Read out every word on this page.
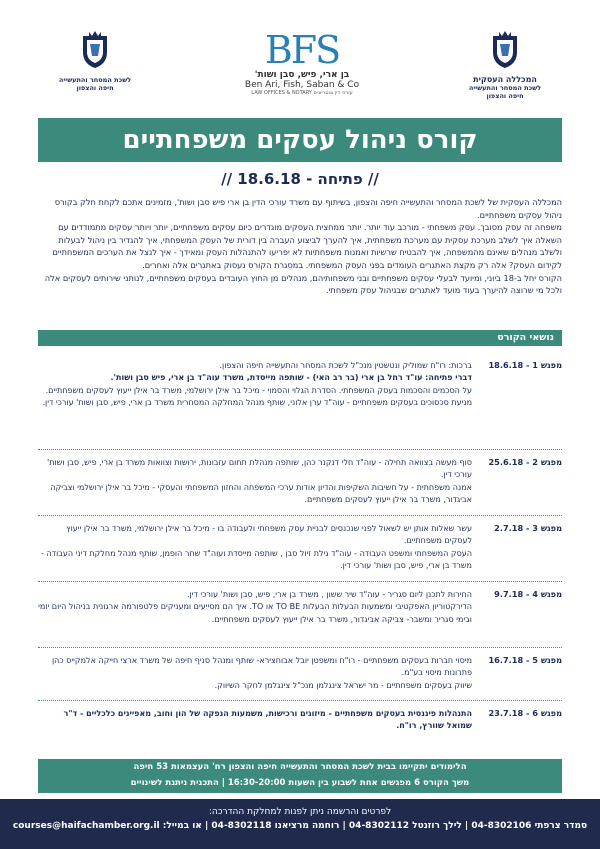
לשכת המסחר והתעשייה
חיפה והצפון
BFS
בן ארי, פיש, סבן ושות'
Ben Ari, Fish, Saban & Co
LAW OFFICES & NOTARY עורכי דין ונוטריונים
המכללה העסקית
לשכת המסחר והתעשייה
חיפה והצפון
קורס ניהול עסקים משפחתיים
// פתיחה - 18.6.18 //

המכללה העסקית של לשכת המסחר והתעשייה חיפה והצפון, בשיתוף עם משרד עורכי הדין בן ארי פיש סבן ושות', מזמינים אתכם לקחת חלק בקורס ניהול עסקים משפחתיים.

משפחה זה עסק מסובך. עסק משפחתי - מורכב עוד יותר. יותר ממחצית העסקים מוגדרים כיום עסקים משפחתיים, יותר ויותר עסקים מתמודדים עם השאלה איך לשלב מערכת עסקית עם מערכת משפחתית, איך להערך לביצוע העברה בין דורית של העסק המשפחתי, איך להגדיר בין ניהול לבעלות ולשלב מנהלים שאינם מהמשפחה, איך להבטיח שרשיות ואמנות משפחתיות לא יפריעו להתנהלות העסק ומאידך - איך לנצל את הערכים המשפחתיים לקידום העסק? אלה רק מקצת האתגרים העומדים בפני העסק המשפחתי. במסגרת הקורס נעסוק באתגרים אלה ואחרים.

הקורס יחל ב-18 ביוני, ומיועד לבעלי עסקים משפחתיים ובני משפחותיהם, מנהלים מן החוץ העובדים בעסקים משפחתיים, לנותני שירותים לעסקים אלה ולכל מי שרוצה להיערך בעוד מועד לאתגרים שבניהול עסק משפחתי.

נושאי הקורס
מפגש 1 - 18.6.18
ברכות: רו"ח שמוליק ונטשטין מנכ"ל לשכת המסחר והתעשייה חיפה והצפון.
דברי פתיחה: עו"ד רחל בן ארי (בר רב האי) - שותפה מייסדת, משרד עוה"ד בן ארי, פיש סבן ושות'.
על הסכמים והסכמות בעסק המשפחתי. הסדרת הגלוי והסמוי - מיכל בר אילן ירושלמי, משרד בר אילן ייעוץ לעסקים משפחתיים.
מניעת סכסוכים בעסקים משפחתיים - עוה"ד ערן אלוני, שותף מנהל המחלקה המסחרית משרד בן ארי, פיש, סבן ושות' עורכי דין.
מפגש 2 - 25.6.18
סוף מעשה בצוואה תחילה - עוה"ד חלי דנקנר כהן, שותפה מנהלת תחום עזבונות, ירושות וצוואות משרד בן ארי, פיש, סבן ושות' עורכי דין.
אמנה משפחתית - על חשיבות השקיפות והדיון אודות ערכי המשפחה והחזון המשפחתי והעסקי - מיכל בר אילן ירושלמי וצביקה אביגדור, משרד בר אילן ייעוץ לעסקים משפחתיים.
מפגש 3 - 2.7.18
עשר שאלות אותן יש לשאול לפני שנכנסים לבניית עסק משפחתי ולעבודה בו - מיכל בר אילן ירושלמי, משרד בר אילן ייעוץ לעסקים משפחתיים.
העסק המשפחתי ומשפט העבודה - עוה"ד גילת זיול סבן , שותפה מייסדת ועוה"ד שחר הופמן, שותף מנהל מחלקת דיני העבודה - משרד בן ארי, פיש, סבן ושות' עורכי דין.
מפגש 4 - 9.7.18
החירות לתכנן ליום סגריר - עוה"ד שיר ששון , משרד בן ארי, פיש, סבן ושות' עורכי דין.
הדירקטוריון האפקטיבי ומשמעות הבעלות הבעלות TO BE או TO. איך הם מסייעים ומעניקים פלטפורמה ארגונית בניהול היום יומי ובימי סגריר ומשבר- צביקה אביגדור, משרד בר אילן ייעוץ לעסקים משפחתיים.
מפגש 5 - 16.7.18
מיסוי חברות בעסקים משפחתיים - רו"ח ומשפטן יובל אבוחצירא- שותף ומנהל סניף חיפה של משרד ארצי חייקה אלמקייס כהן פתרונות מיסוי בע"מ.
שיווק בעסקים משפחתיים - מר ישראל צינגלמן מנכ"ל צינגלמן לחקר השיווק.
מפגש 6 - 23.7.18
התנהלות פיננסית בעסקים משפחתיים - מיזוגים ורכישות, משמעות הנפקה של הון וחוב, מאפיינים כלכליים - ד"ר שמואל שוורץ, רו"ח.
הלימודים יתקיימו בבית לשכת המסחר והתעשייה חיפה והצפון רח' העצמאות 53 חיפה
משך הקורס 6 מפגשים אחת לשבוע בין השעות 16:30-20:00 | התכנית ניתנת לשינויים
לפרטים והרשמה ניתן לפנות למחלקת ההדרכה:
סמדר צרפתי 04-8302106 | לילך רוזנטל 04-8302112 | רוחמה מרציאנו 04-8302118 | או במייל: courses@haifachamber.org.il
